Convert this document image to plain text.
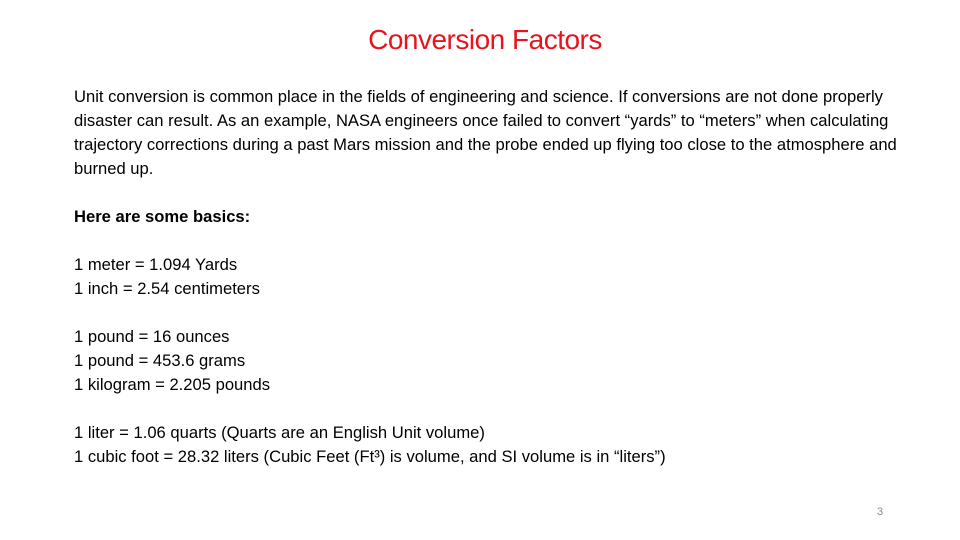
Conversion Factors

Unit conversion is common place in the fields of engineering and science. If conversions are not done properly disaster can result. As an example, NASA engineers once failed to convert “yards” to “meters” when calculating trajectory corrections during a past Mars mission and the probe ended up flying too close to the atmosphere and burned up.

Here are some basics:

1 meter = 1.094 Yards

1 inch = 2.54 centimeters

1 pound = 16 ounces

1 pound = 453.6 grams

1 kilogram = 2.205 pounds

1 liter = 1.06 quarts (Quarts are an English Unit volume)

1 cubic foot = 28.32 liters (Cubic Feet (Ft³) is volume, and SI volume is in “liters”)

3
